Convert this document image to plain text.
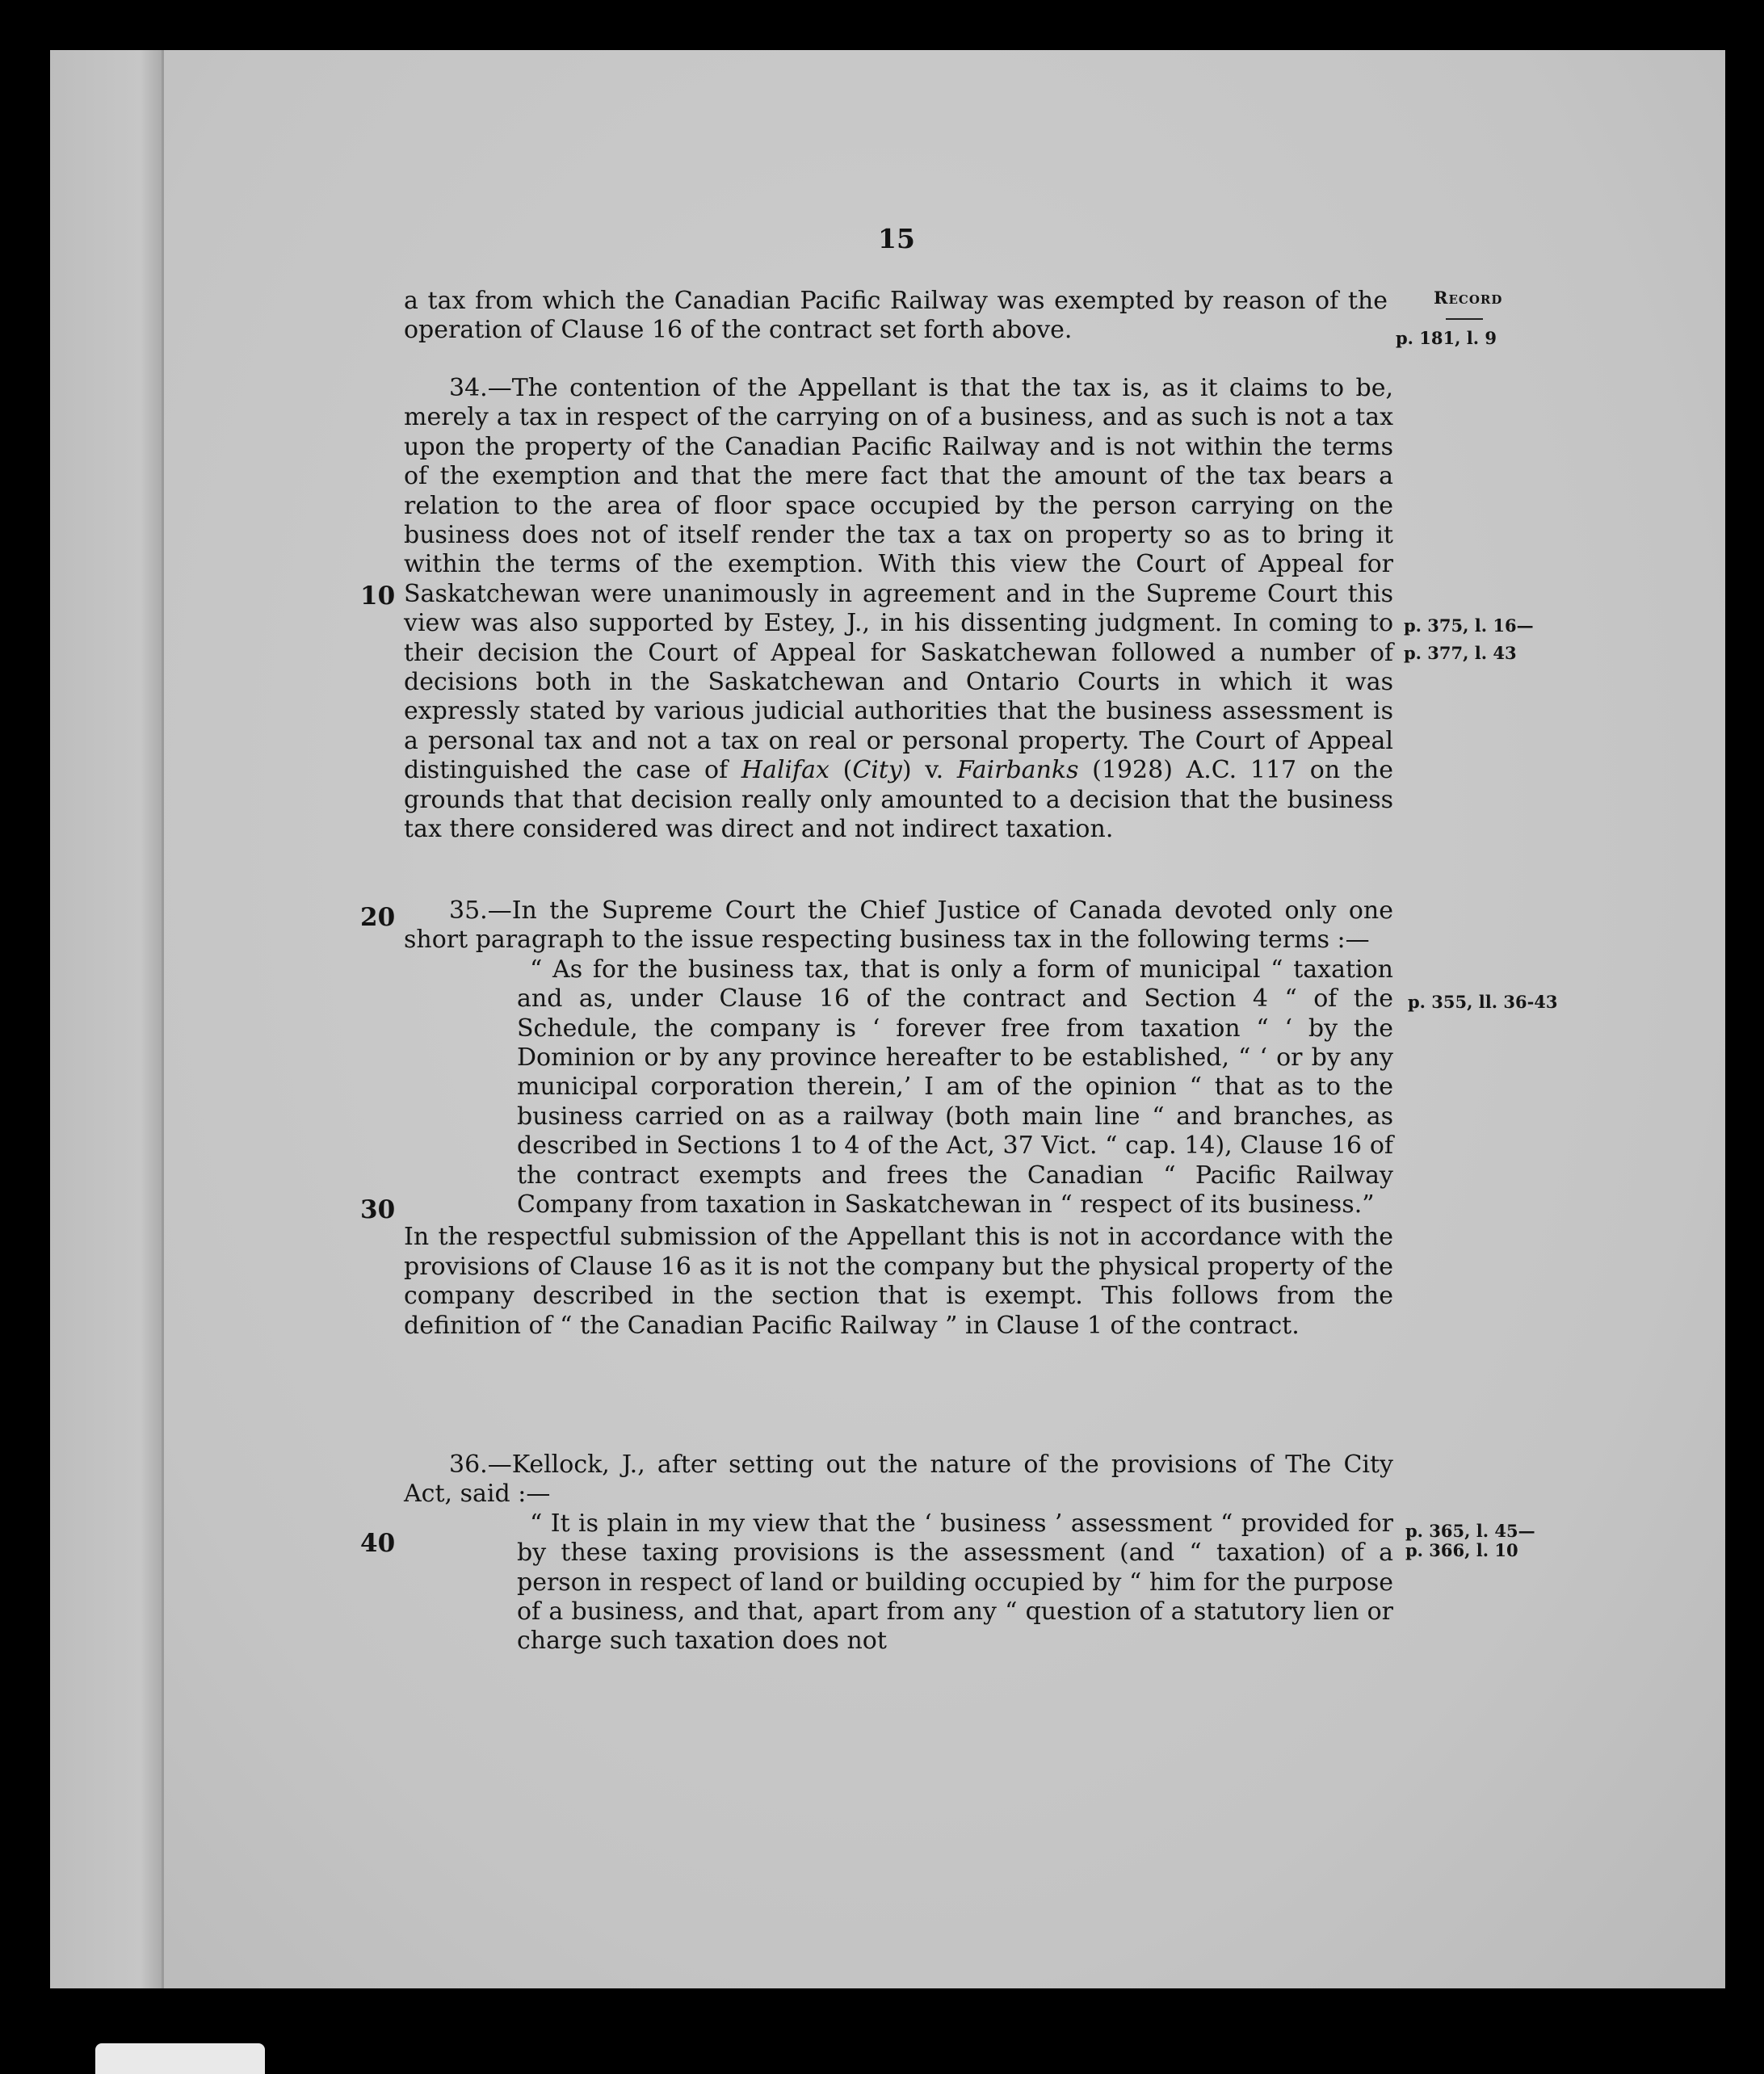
15
Record
p. 181, l. 9
p. 375, l. 16—
p. 377, l. 43
p. 355, ll. 36-43
p. 365, l. 45—
p. 366, l. 10
10
20
30
40

a tax from which the Canadian Pacific Railway was exempted by reason of the operation of Clause 16 of the contract set forth above.

34.—The contention of the Appellant is that the tax is, as it claims to be, merely a tax in respect of the carrying on of a business, and as such is not a tax upon the property of the Canadian Pacific Railway and is not within the terms of the exemption and that the mere fact that the amount of the tax bears a relation to the area of floor space occupied by the person carrying on the business does not of itself render the tax a tax on property so as to bring it within the terms of the exemption. With this view the Court of Appeal for Saskatchewan were unanimously in agreement and in the Supreme Court this view was also supported by Estey, J., in his dissenting judgment. In coming to their decision the Court of Appeal for Saskatchewan followed a number of decisions both in the Saskatchewan and Ontario Courts in which it was expressly stated by various judicial authorities that the business assessment is a personal tax and not a tax on real or personal property. The Court of Appeal distinguished the case of Halifax (City) v. Fairbanks (1928) A.C. 117 on the grounds that that decision really only amounted to a decision that the business tax there considered was direct and not indirect taxation.

35.—In the Supreme Court the Chief Justice of Canada devoted only one short paragraph to the issue respecting business tax in the following terms :—

“ As for the business tax, that is only a form of municipal “ taxation and as, under Clause 16 of the contract and Section 4 “ of the Schedule, the company is ‘ forever free from taxation “ ‘ by the Dominion or by any province hereafter to be established, “ ‘ or by any municipal corporation therein,’ I am of the opinion “ that as to the business carried on as a railway (both main line “ and branches, as described in Sections 1 to 4 of the Act, 37 Vict. “ cap. 14), Clause 16 of the contract exempts and frees the Canadian “ Pacific Railway Company from taxation in Saskatchewan in “ respect of its business.”

In the respectful submission of the Appellant this is not in accordance with the provisions of Clause 16 as it is not the company but the physical property of the company described in the section that is exempt. This follows from the definition of “ the Canadian Pacific Railway ” in Clause 1 of the contract.

36.—Kellock, J., after setting out the nature of the provisions of The City Act, said :—

“ It is plain in my view that the ‘ business ’ assessment “ provided for by these taxing provisions is the assessment (and “ taxation) of a person in respect of land or building occupied by “ him for the purpose of a business, and that, apart from any “ question of a statutory lien or charge such taxation does not
